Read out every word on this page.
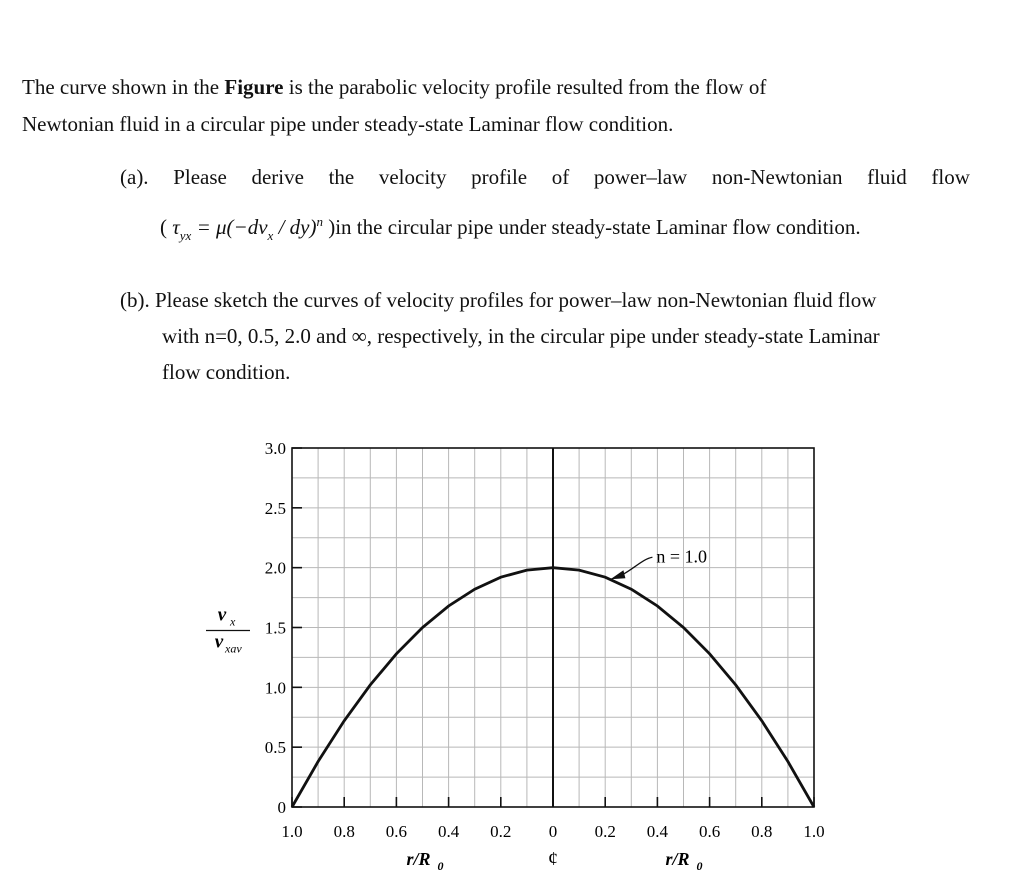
The curve shown in the Figure is the parabolic velocity profile resulted from the flow of
Newtonian fluid in a circular pipe under steady-state Laminar flow condition.
(a). Please derive the velocity profile of power–law non-Newtonian fluid flow
( $\tau_{yx} = \mu(-dv_x / dy)^n$ )in the circular pipe under steady-state Laminar flow condition.
(b). Please sketch the curves of velocity profiles for power–law non-Newtonian fluid flow
with n=0, 0.5, 2.0 and ∞, respectively, in the circular pipe under steady-state Laminar
flow condition.
0
0.5
1.0
1.5
2.0
2.5
3.0
1.0 0.8 0.6 0.4 0.2 0 0.2 0.4 0.6 0.8 1.0
n = 1.0
v x
v xav
r/R 0	r/R 0
¢
